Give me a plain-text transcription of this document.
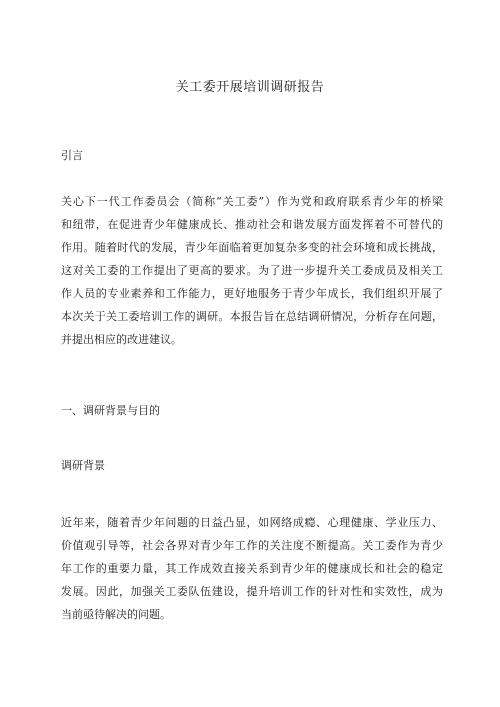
关工委开展培训调研报告
引言
关心下一代工作委员会（简称“关工委”）作为党和政府联系青少年的桥梁
和纽带，在促进青少年健康成长、推动社会和谐发展方面发挥着不可替代的
作用。随着时代的发展，青少年面临着更加复杂多变的社会环境和成长挑战，
这对关工委的工作提出了更高的要求。为了进一步提升关工委成员及相关工
作人员的专业素养和工作能力，更好地服务于青少年成长，我们组织开展了
本次关于关工委培训工作的调研。本报告旨在总结调研情况，分析存在问题，
并提出相应的改进建议。
一、调研背景与目的
调研背景
近年来，随着青少年问题的日益凸显，如网络成瘾、心理健康、学业压力、
价值观引导等，社会各界对青少年工作的关注度不断提高。关工委作为青少
年工作的重要力量，其工作成效直接关系到青少年的健康成长和社会的稳定
发展。因此，加强关工委队伍建设，提升培训工作的针对性和实效性，成为
当前亟待解决的问题。
